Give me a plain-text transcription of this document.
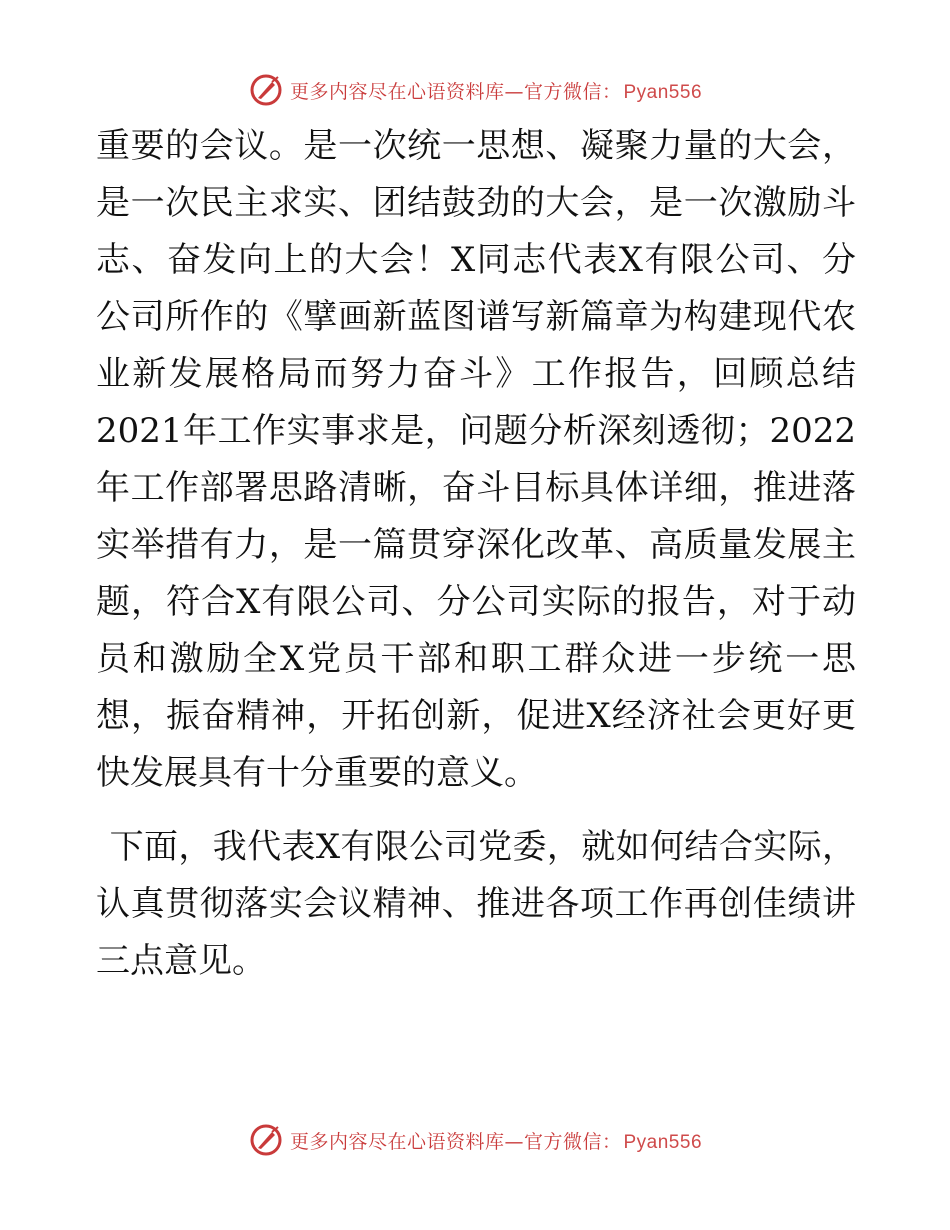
更多内容尽在心语资料库—官方微信： Pyan556

重要的会议。是一次统一思想、凝聚力量的大会，是一次民主求实、团结鼓劲的大会，是一次激励斗志、奋发向上的大会！X同志代表X有限公司、分公司所作的《擘画新蓝图谱写新篇章为构建现代农业新发展格局而努力奋斗》工作报告，回顾总结2021年工作实事求是，问题分析深刻透彻；2022年工作部署思路清晰，奋斗目标具体详细，推进落实举措有力，是一篇贯穿深化改革、高质量发展主题，符合X有限公司、分公司实际的报告，对于动员和激励全X党员干部和职工群众进一步统一思想，振奋精神，开拓创新，促进X经济社会更好更快发展具有十分重要的意义。

下面，我代表X有限公司党委，就如何结合实际，认真贯彻落实会议精神、推进各项工作再创佳绩讲三点意见。

更多内容尽在心语资料库—官方微信： Pyan556
